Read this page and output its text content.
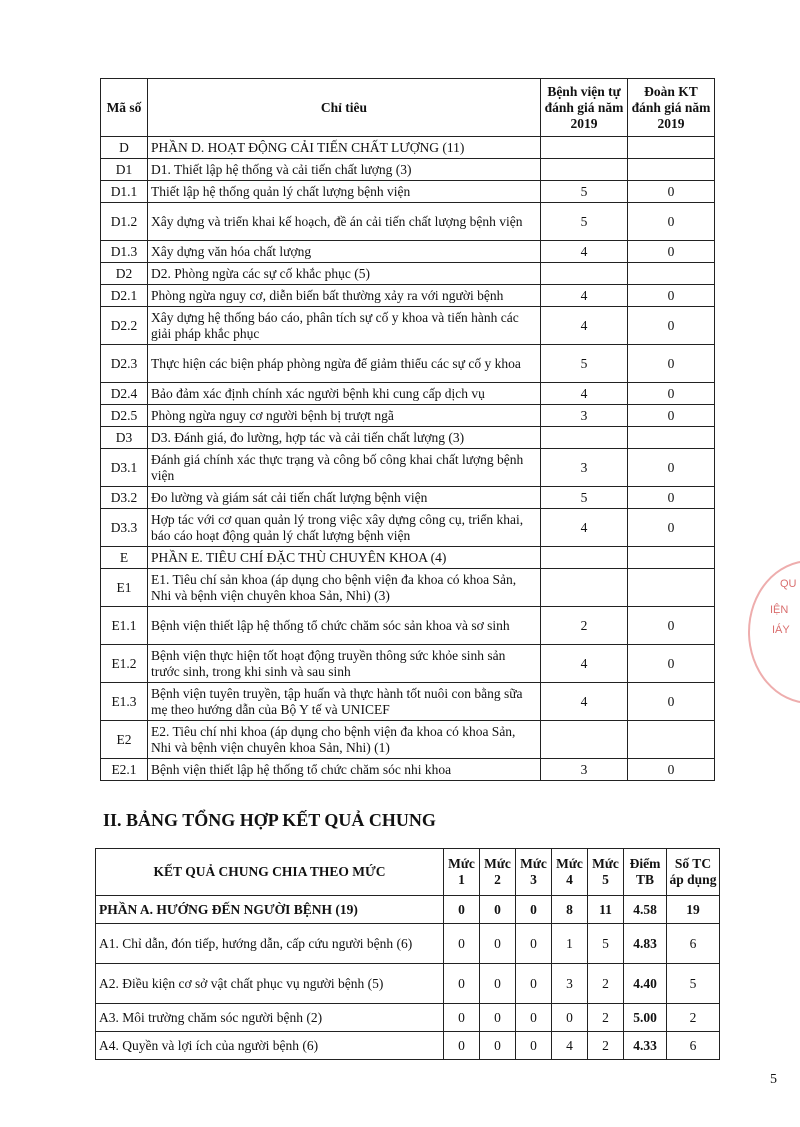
Mã số	Chỉ tiêu	Bệnh viện tự đánh giá năm 2019	Đoàn KT đánh giá năm 2019
D	PHẦN D. HOẠT ĐỘNG CẢI TIẾN CHẤT LƯỢNG (11)		
D1	D1. Thiết lập hệ thống và cải tiến chất lượng (3)		
D1.1	Thiết lập hệ thống quản lý chất lượng bệnh viện	5	0
D1.2	Xây dựng và triển khai kế hoạch, đề án cải tiến chất lượng bệnh viện	5	0
D1.3	Xây dựng văn hóa chất lượng	4	0
D2	D2. Phòng ngừa các sự cố khắc phục (5)		
D2.1	Phòng ngừa nguy cơ, diễn biến bất thường xảy ra với người bệnh	4	0
D2.2	Xây dựng hệ thống báo cáo, phân tích sự cố y khoa và tiến hành các giải pháp khắc phục	4	0
D2.3	Thực hiện các biện pháp phòng ngừa để giảm thiểu các sự cố y khoa	5	0
D2.4	Bảo đảm xác định chính xác người bệnh khi cung cấp dịch vụ	4	0
D2.5	Phòng ngừa nguy cơ người bệnh bị trượt ngã	3	0
D3	D3. Đánh giá, đo lường, hợp tác và cải tiến chất lượng (3)		
D3.1	Đánh giá chính xác thực trạng và công bố công khai chất lượng bệnh viện	3	0
D3.2	Đo lường và giám sát cải tiến chất lượng bệnh viện	5	0
D3.3	Hợp tác với cơ quan quản lý trong việc xây dựng công cụ, triển khai, báo cáo hoạt động quản lý chất lượng bệnh viện	4	0
E	PHẦN E. TIÊU CHÍ ĐẶC THÙ CHUYÊN KHOA (4)		
E1	E1. Tiêu chí sản khoa (áp dụng cho bệnh viện đa khoa có khoa Sản, Nhi và bệnh viện chuyên khoa Sản, Nhi) (3)		
E1.1	Bệnh viện thiết lập hệ thống tổ chức chăm sóc sản khoa và sơ sinh	2	0
E1.2	Bệnh viện thực hiện tốt hoạt động truyền thông sức khỏe sinh sản trước sinh, trong khi sinh và sau sinh	4	0
E1.3	Bệnh viện tuyên truyền, tập huấn và thực hành tốt nuôi con bằng sữa mẹ theo hướng dẫn của Bộ Y tế và UNICEF	4	0
E2	E2. Tiêu chí nhi khoa (áp dụng cho bệnh viện đa khoa có khoa Sản, Nhi và bệnh viện chuyên khoa Sản, Nhi) (1)		
E2.1	Bệnh viện thiết lập hệ thống tổ chức chăm sóc nhi khoa	3	0
II. BẢNG TỔNG HỢP KẾT QUẢ CHUNG
KẾT QUẢ CHUNG CHIA THEO MỨC	Mức 1	Mức 2	Mức 3	Mức 4	Mức 5	Điểm TB	Số TC áp dụng
PHẦN A. HƯỚNG ĐẾN NGƯỜI BỆNH (19)	0	0	0	8	11	4.58	19
A1. Chỉ dẫn, đón tiếp, hướng dẫn, cấp cứu người bệnh (6)	0	0	0	1	5	4.83	6
A2. Điều kiện cơ sở vật chất phục vụ người bệnh (5)	0	0	0	3	2	4.40	5
A3. Môi trường chăm sóc người bệnh (2)	0	0	0	0	2	5.00	2
A4. Quyền và lợi ích của người bệnh (6)	0	0	0	4	2	4.33	6
QU
IỆN
IÁY
5
